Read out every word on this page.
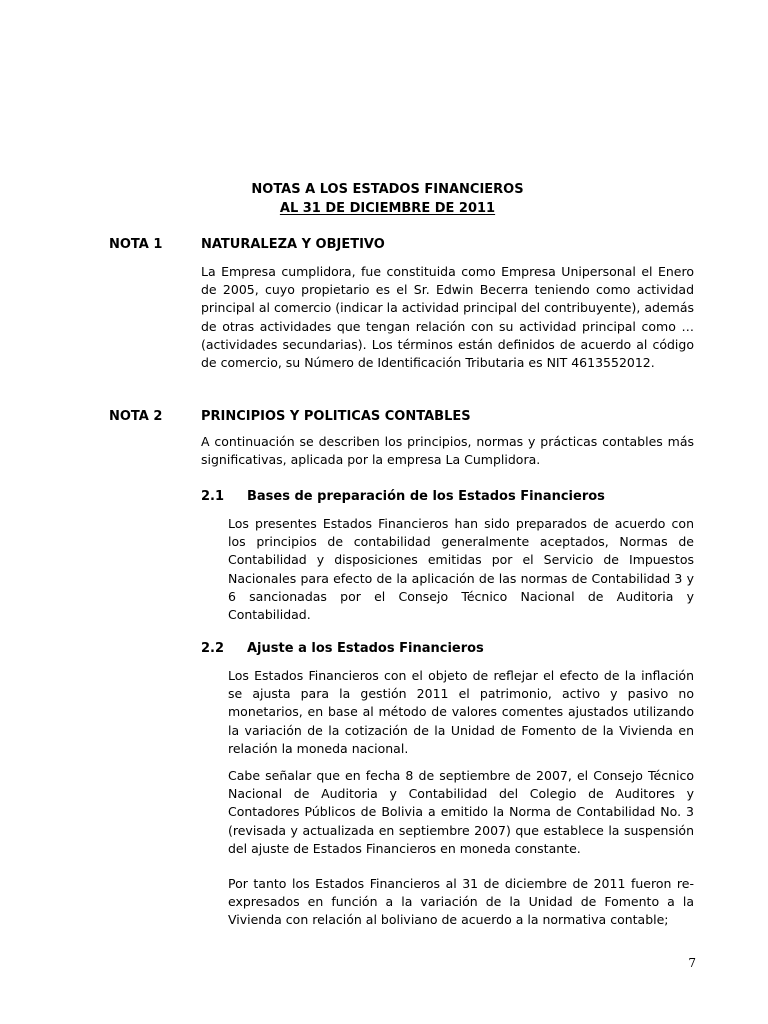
NOTAS A LOS ESTADOS FINANCIEROS
AL 31 DE DICIEMBRE DE 2011
NOTA 1	NATURALEZA Y OBJETIVO

La Empresa cumplidora, fue constituida como Empresa Unipersonal el Enero de 2005, cuyo propietario es el Sr. Edwin Becerra teniendo como actividad principal al comercio (indicar la actividad principal del contribuyente), además de otras actividades que tengan relación con su actividad principal como … (actividades secundarias). Los términos están definidos de acuerdo al código de comercio, su Número de Identificación Tributaria es NIT 4613552012.

NOTA 2	PRINCIPIOS Y POLITICAS CONTABLES

A continuación se describen los principios, normas y prácticas contables más significativas, aplicada por la empresa La Cumplidora.

2.1 Bases de preparación de los Estados Financieros

Los presentes Estados Financieros han sido preparados de acuerdo con los principios de contabilidad generalmente aceptados, Normas de Contabilidad y disposiciones emitidas por el Servicio de Impuestos Nacionales para efecto de la aplicación de las normas de Contabilidad 3 y 6 sancionadas por el Consejo Técnico Nacional de Auditoria y Contabilidad.

2.2 Ajuste a los Estados Financieros

Los Estados Financieros con el objeto de reflejar el efecto de la inflación se ajusta para la gestión 2011 el patrimonio, activo y pasivo no monetarios, en base al método de valores comentes ajustados utilizando la variación de la cotización de la Unidad de Fomento de la Vivienda en relación la moneda nacional.

Cabe señalar que en fecha 8 de septiembre de 2007, el Consejo Técnico Nacional de Auditoria y Contabilidad del Colegio de Auditores y Contadores Públicos de Bolivia a emitido la Norma de Contabilidad No. 3 (revisada y actualizada en septiembre 2007) que establece la suspensión del ajuste de Estados Financieros en moneda constante.

Por tanto los Estados Financieros al 31 de diciembre de 2011 fueron re-expresados en función a la variación de la Unidad de Fomento a la Vivienda con relación al boliviano de acuerdo a la normativa contable;

7
